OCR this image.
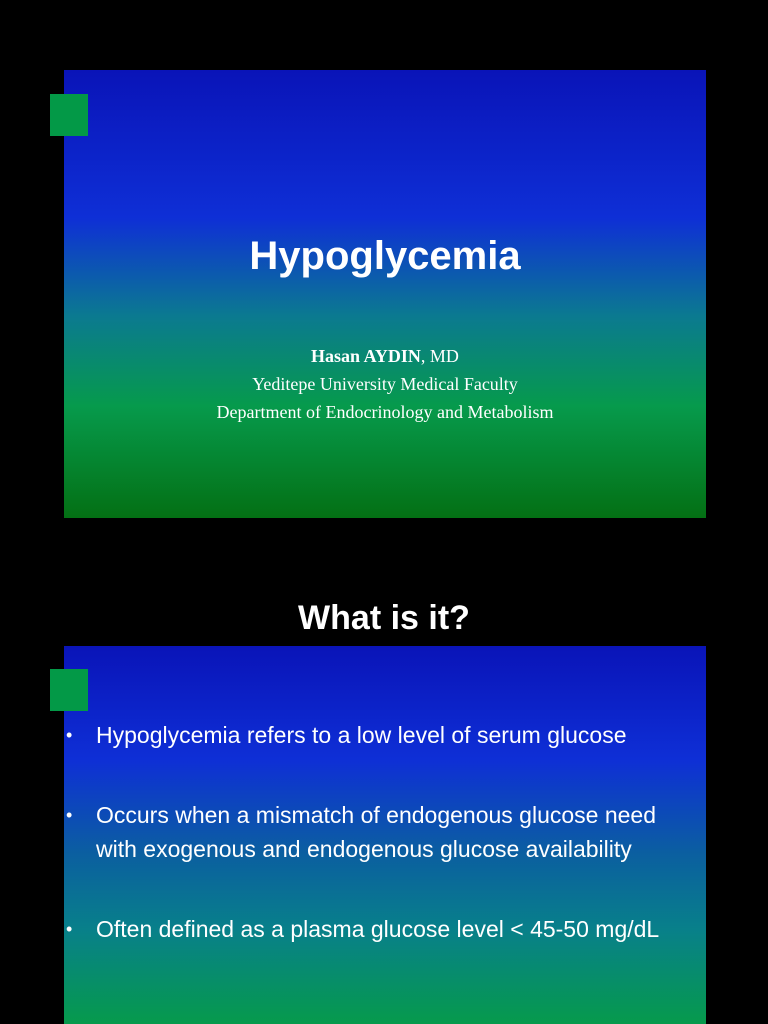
Hypoglycemia
Hasan AYDIN, MD
Yeditepe University Medical Faculty
Department of Endocrinology and Metabolism
What is it?
• Hypoglycemia refers to a low level of serum glucose
• Occurs when a mismatch of endogenous glucose need with exogenous and endogenous glucose availability
• Often defined as a plasma glucose level < 45-50 mg/dL
